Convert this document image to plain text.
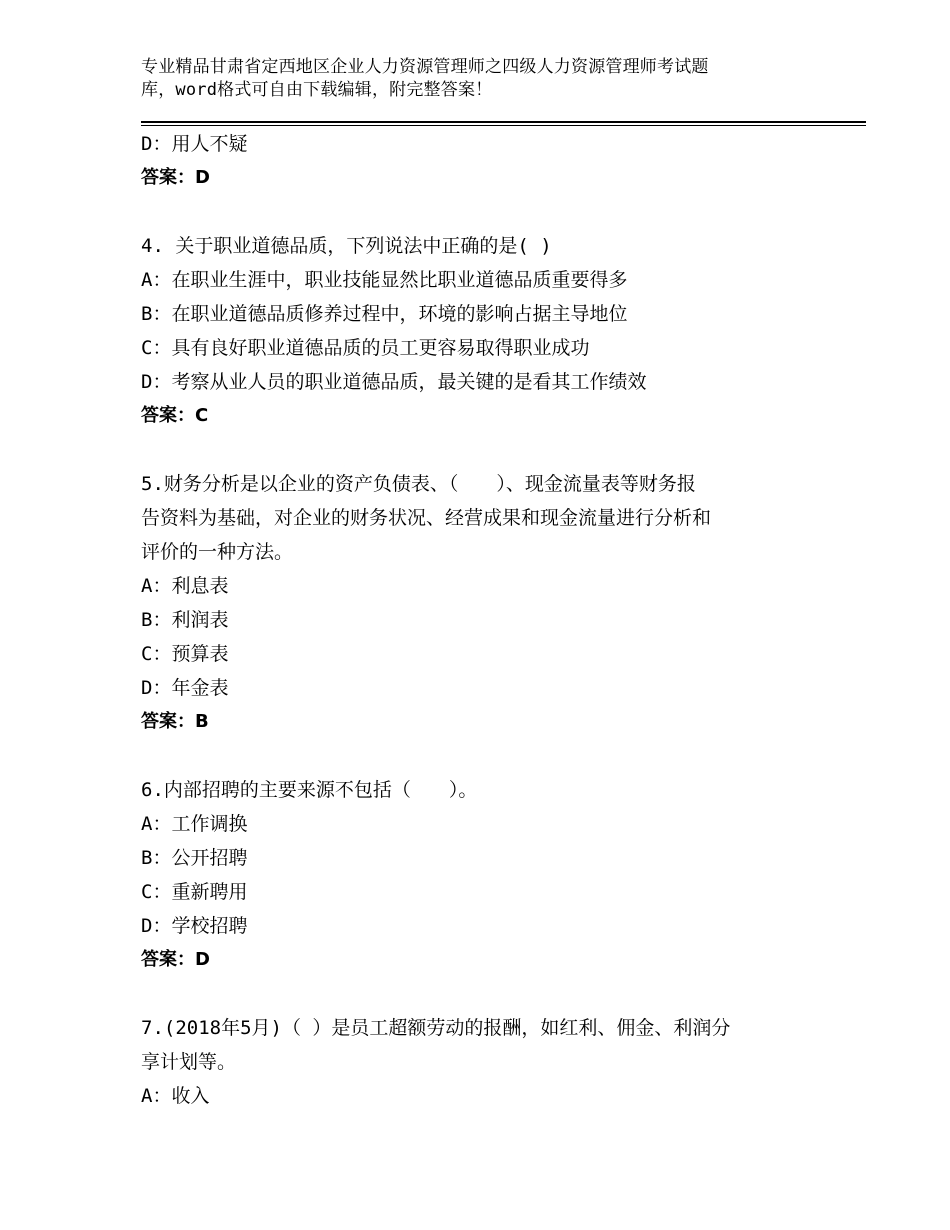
专业精品甘肃省定西地区企业人力资源管理师之四级人力资源管理师考试题
库，word格式可自由下载编辑，附完整答案！
D：用人不疑
答案：D
4. 关于职业道德品质，下列说法中正确的是( )
A：在职业生涯中，职业技能显然比职业道德品质重要得多
B：在职业道德品质修养过程中，环境的影响占据主导地位
C：具有良好职业道德品质的员工更容易取得职业成功
D：考察从业人员的职业道德品质，最关键的是看其工作绩效
答案：C
5.财务分析是以企业的资产负债表、（　　）、现金流量表等财务报
告资料为基础，对企业的财务状况、经营成果和现金流量进行分析和
评价的一种方法。
A：利息表
B：利润表
C：预算表
D：年金表
答案：B
6.内部招聘的主要来源不包括（　　）。
A：工作调换
B：公开招聘
C：重新聘用
D：学校招聘
答案：D
7.(2018年5月)（ ）是员工超额劳动的报酬，如红利、佣金、利润分
享计划等。
A：收入
